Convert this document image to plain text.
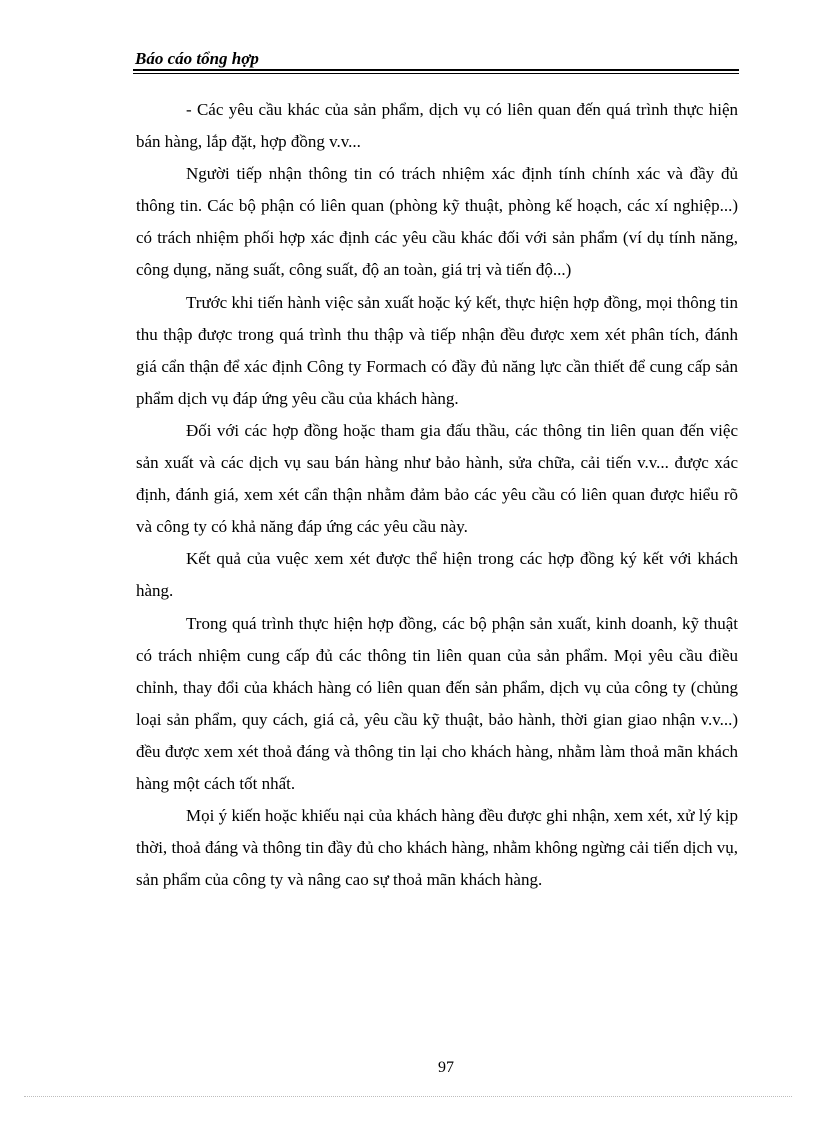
Báo cáo tổng hợp

- Các yêu cầu khác của sản phẩm, dịch vụ có liên quan đến quá trình thực hiện bán hàng, lắp đặt, hợp đồng v.v...

Người tiếp nhận thông tin có trách nhiệm xác định tính chính xác và đầy đủ thông tin. Các bộ phận có liên quan (phòng kỹ thuật, phòng kế hoạch, các xí nghiệp...) có trách nhiệm phối hợp xác định các yêu cầu khác đối với sản phẩm (ví dụ tính năng, công dụng, năng suất, công suất, độ an toàn, giá trị và tiến độ...)

Trước khi tiến hành việc sản xuất hoặc ký kết, thực hiện hợp đồng, mọi thông tin thu thập được trong quá trình thu thập và tiếp nhận đều được xem xét phân tích, đánh giá cẩn thận để xác định Công ty Formach có đầy đủ năng lực cần thiết để cung cấp sản phẩm dịch vụ đáp ứng yêu cầu của khách hàng.

Đối với các hợp đồng hoặc tham gia đấu thầu, các thông tin liên quan đến việc sản xuất và các dịch vụ sau bán hàng như bảo hành, sửa chữa, cải tiến v.v... được xác định, đánh giá, xem xét cẩn thận nhằm đảm bảo các yêu cầu có liên quan được hiểu rõ và công ty có khả năng đáp ứng các yêu cầu này.

Kết quả của vuệc xem xét được thể hiện trong các hợp đồng ký kết với khách hàng.

Trong quá trình thực hiện hợp đồng, các bộ phận sản xuất, kinh doanh, kỹ thuật có trách nhiệm cung cấp đủ các thông tin liên quan của sản phẩm. Mọi yêu cầu điều chỉnh, thay đổi của khách hàng có liên quan đến sản phẩm, dịch vụ của công ty (chủng loại sản phẩm, quy cách, giá cả, yêu cầu kỹ thuật, bảo hành, thời gian giao nhận v.v...) đều được xem xét thoả đáng và thông tin lại cho khách hàng, nhằm làm thoả mãn khách hàng một cách tốt nhất.

Mọi ý kiến hoặc khiếu nại của khách hàng đều được ghi nhận, xem xét, xử lý kịp thời, thoả đáng và thông tin đầy đủ cho khách hàng, nhằm không ngừng cải tiến dịch vụ, sản phẩm của công ty và nâng cao sự thoả mãn khách hàng.

97
